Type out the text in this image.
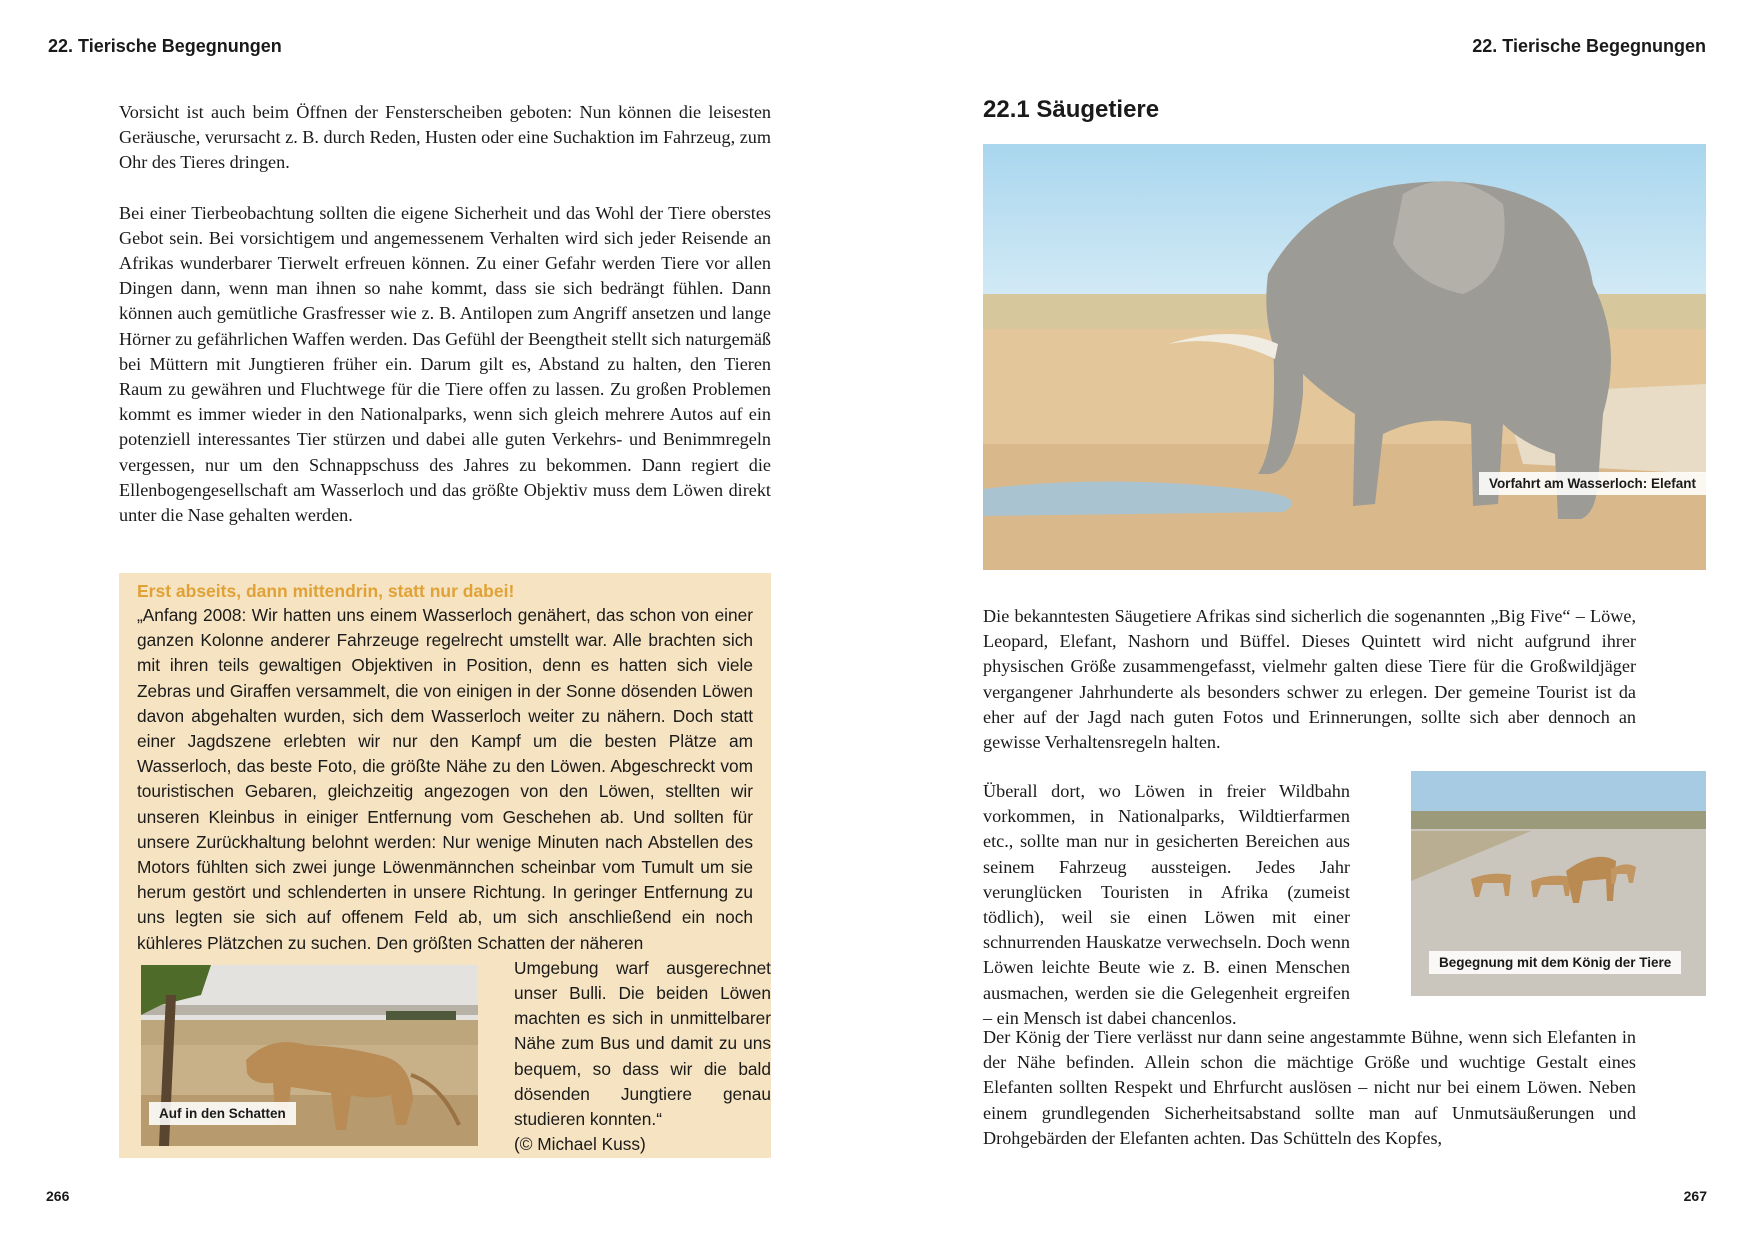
22. Tierische Begegnungen

Vorsicht ist auch beim Öffnen der Fensterscheiben geboten: Nun können die leisesten Geräusche, verursacht z. B. durch Reden, Husten oder eine Suchaktion im Fahrzeug, zum Ohr des Tieres dringen.

Bei einer Tierbeobachtung sollten die eigene Sicherheit und das Wohl der Tiere oberstes Gebot sein. Bei vorsichtigem und angemessenem Verhalten wird sich jeder Reisende an Afrikas wunderbarer Tierwelt erfreuen können. Zu einer Gefahr werden Tiere vor allen Dingen dann, wenn man ihnen so nahe kommt, dass sie sich bedrängt fühlen. Dann können auch gemütliche Grasfresser wie z. B. Antilopen zum Angriff ansetzen und lange Hörner zu gefährlichen Waffen werden. Das Gefühl der Beengtheit stellt sich naturgemäß bei Müttern mit Jungtieren früher ein. Darum gilt es, Abstand zu halten, den Tieren Raum zu gewähren und Fluchtwege für die Tiere offen zu lassen. Zu großen Problemen kommt es immer wieder in den Nationalparks, wenn sich gleich mehrere Autos auf ein potenziell interessantes Tier stürzen und dabei alle guten Verkehrs- und Benimmregeln vergessen, nur um den Schnappschuss des Jahres zu bekommen. Dann regiert die Ellenbogengesellschaft am Wasserloch und das größte Objektiv muss dem Löwen direkt unter die Nase gehalten werden.

Erst abseits, dann mittendrin, statt nur dabei!

„Anfang 2008: Wir hatten uns einem Wasserloch genähert, das schon von einer ganzen Kolonne anderer Fahrzeuge regelrecht umstellt war. Alle brachten sich mit ihren teils gewaltigen Objektiven in Position, denn es hatten sich viele Zebras und Giraffen versammelt, die von einigen in der Sonne dösenden Löwen davon abgehalten wurden, sich dem Wasserloch weiter zu nähern. Doch statt einer Jagdszene erlebten wir nur den Kampf um die besten Plätze am Wasserloch, das beste Foto, die größte Nähe zu den Löwen. Abgeschreckt vom touristischen Gebaren, gleichzeitig angezogen von den Löwen, stellten wir unseren Kleinbus in einiger Entfernung vom Geschehen ab. Und sollten für unsere Zurückhaltung belohnt werden: Nur wenige Minuten nach Abstellen des Motors fühlten sich zwei junge Löwenmännchen scheinbar vom Tumult um sie herum gestört und schlenderten in unsere Richtung. In geringer Entfernung zu uns legten sie sich auf offenem Feld ab, um sich anschließend ein noch kühleres Plätzchen zu suchen. Den größten Schatten der näheren

Umgebung warf ausgerechnet unser Bulli. Die beiden Löwen machten es sich in unmittelbarer Nähe zum Bus und damit zu uns bequem, so dass wir die bald dösenden Jungtiere genau studieren konnten.“

(© Michael Kuss)

Auf in den Schatten
266
22. Tierische Begegnungen
22.1 Säugetiere
Vorfahrt am Wasserloch: Elefant

Die bekanntesten Säugetiere Afrikas sind sicherlich die sogenannten „Big Five“ – Löwe, Leopard, Elefant, Nashorn und Büffel. Dieses Quintett wird nicht aufgrund ihrer physischen Größe zusammengefasst, vielmehr galten diese Tiere für die Großwildjäger vergangener Jahrhunderte als besonders schwer zu erlegen. Der gemeine Tourist ist da eher auf der Jagd nach guten Fotos und Erinnerungen, sollte sich aber dennoch an gewisse Verhaltensregeln halten.

Überall dort, wo Löwen in freier Wildbahn vorkommen, in Nationalparks, Wildtierfarmen etc., sollte man nur in gesicherten Bereichen aus seinem Fahrzeug aussteigen. Jedes Jahr verunglücken Touristen in Afrika (zumeist tödlich), weil sie einen Löwen mit einer schnurrenden Hauskatze verwechseln. Doch wenn Löwen leichte Beute wie z. B. einen Menschen ausmachen, werden sie die Gelegenheit ergreifen – ein Mensch ist dabei chancenlos.

Begegnung mit dem König der Tiere

Der König der Tiere verlässt nur dann seine angestammte Bühne, wenn sich Elefanten in der Nähe befinden. Allein schon die mächtige Größe und wuchtige Gestalt eines Elefanten sollten Respekt und Ehrfurcht auslösen – nicht nur bei einem Löwen. Neben einem grundlegenden Sicherheitsabstand sollte man auf Unmutsäußerungen und Drohgebärden der Elefanten achten. Das Schütteln des Kopfes,

267
